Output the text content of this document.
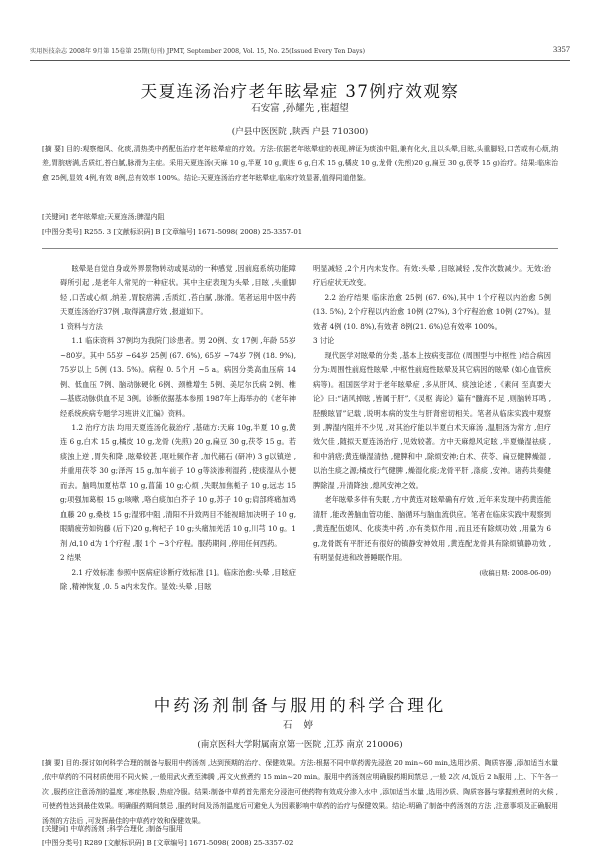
实用医技杂志 2008年 9月第 15卷第 25期(旬刊) JPMT, September 2008, Vol. 15, No. 25(Issued Every Ten Days)	3357
天夏连汤治疗老年眩晕症 37例疗效观察
石安富 ,孙耀先 ,崔超望
(户县中医医院 ,陕西 户县 710300)
[摘 要] 目的:观察熄风、化痰,清热类中药配伍治疗老年眩晕症的疗效。方法:依据老年眩晕症的表现,辨证为痰浊中阻,兼有化火,且以头晕,目眩,头重脚轻,口苦或有心烦,纳差,胃脘痞满,舌质红,苔白腻,脉滑为主症。采用天夏连汤(天麻 10 g,半夏 10 g,黄连 6 g,白术 15 g,橘皮 10 g,龙骨 (先煎)20 g,扁豆 30 g,茯苓 15 g)治疗。结果:临床治愈 25例,显效 4例,有效 8例,总有效率 100%。结论:天夏连汤治疗老年眩晕症,临床疗效显著,值得同道借鉴。
[关键词] 老年眩晕症;天夏连汤;脾湿内阻
[中图分类号] R255. 3 [文献标识码] B [文章编号] 1671-5098( 2008) 25-3357-01

眩晕是自觉自身或外界景物转动或晃动的一种感觉 ,因前庭系统功能障碍所引起 ,是老年人常见的一种症状。其中主症表现为头晕 ,目眩 ,头重脚轻 ,口苦或心烦 ,纳差 ,胃脘痞满 ,舌质红 ,苔白腻 ,脉滑。笔者运用中医中药天夏连汤治疗37例 ,取得满意疗效 ,报道如下。

1 资料与方法

1.1 临床资料 37例均为我院门诊患者。男 20例、女 17例 ,年龄 55岁 ~80岁。其中 55岁 ~64岁 25例 (67. 6%), 65岁 ~74岁 7例 (18. 9%), 75岁以上 5例 (13. 5%)。病程 0. 5个月 ~5 a。病因分类高血压病 14例、低血压 7例、脑动脉硬化 6例、颈椎增生 5例、美尼尔氏病 2例、椎 —基底动脉供血不足 3例。诊断依据基本参照 1987年上海举办的《老年神经系统疾病专题学习班讲义汇编》资料。

1.2 治疗方法 均用天夏连汤化裁治疗 ,基础方:天麻 10g,半夏 10 g,黄连 6 g,白术 15 g,橘皮 10 g,龙骨 (先煎) 20 g,扁豆 30 g,茯苓 15 g。若痰浊上逆 ,胃失和降 ,眩晕较甚 ,呕吐频作者 ,加代赭石 (研冲) 3 g以镇逆 ,并重用茯苓 30 g;泽泻 15 g,加车前子 10 g等淡渗利湿药 ,使痰湿从小便而去。脑鸣加夏枯草 10 g,菖蒲 10 g;心烦 ,失眠加焦栀子 10 g,远志 15 g;项强加葛根 15 g;咳嗽 ,咯白痰加白芥子 10 g,苏子 10 g;肩部疼痛加鸡血藤 20 g,桑枝 15 g;湿邪中阻 ,清阳不升致两目不能视暗加决明子 10 g,眼睛疲劳如钩藤 (后下)20 g,枸杞子 10 g;头痛加羌活 10 g,川芎 10 g。1剂 /d,10 d为 1个疗程 ,服 1个 ~3个疗程。服药期间 ,停用任何西药。

2 结果

2.1 疗效标准 参照中医病症诊断疗效标准 [1]。临床治愈:头晕 ,目眩症除 ,精神恢复 ,0. 5 a内未发作。显效:头晕 ,目眩

明显减轻 ,2个月内未发作。有效:头晕 ,目眩减轻 ,发作次数减少。无效:治疗后症状无改变。

2.2 治疗结果 临床治愈 25例 (67. 6%),其中 1个疗程以内治愈 5例 (13. 5%), 2个疗程以内治愈 10例 (27%), 3个疗程治愈 10例 (27%)。显效者 4例 (10. 8%),有效者 8例(21. 6%)总有效率 100%。

3 讨论

现代医学对眩晕的分类 ,基本上按病变部位 (周围型与中枢性 )结合病因分为:周围性前庭性眩晕 ,中枢性前庭性眩晕及其它病因的眩晕 (如心血管疾病等)。祖国医学对于老年眩晕症 ,多从肝风、痰浊论述 ,《素问 至真要大论》曰:“诸风掉眩 ,皆属于肝”,《灵枢 海论》篇有“髓海不足 ,则脑转耳鸣 ,胫酸眩冒”记载 ,说明本病的发生与肝肾密切相关。笔者从临床实践中观察到 ,脾湿内阻并不少见 ,对其治疗能以半夏白术天麻汤 ,温胆汤为常方 ,但疗效欠佳 ,随拟天夏连汤治疗 ,见效较著。方中天麻熄风定眩 ,半夏燥湿祛痰 ,和中消痞;黄连燥湿清热 ,健脾和中 ,除烦安神;白术、茯苓、扁豆健脾燥湿 ,以治生痰之源;橘皮行气健脾 ,燥湿化痰;龙骨平肝 ,涤痰 ,安神。诸药共奏健脾除湿 ,升清降浊 ,熄风安神之效。

老年眩晕多伴有失眠 ,方中黄连对眩晕确有疗效 ,近年来发现中药黄连能清肝 ,能改善脑血管功能、脑循环与脑血流供应。笔者在临床实践中观察到 ,黄连配伍熄风、化痰类中药 ,亦有类似作用 ,而且还有除烦功效 ,用量为 6 g,龙骨既有平肝还有很好的镇静安神效用 ,黄连配龙骨具有除烦镇静功效 ,有明显促进和改善睡眠作用。

(收稿日期: 2008-06-09)

中药汤剂制备与服用的科学合理化
石 婷
(南京医科大学附属南京第一医院 ,江苏 南京 210006)
[摘 要] 目的:探讨如何科学合理的制备与服用中药汤剂 ,达到预期的治疗、保健效果。方法:根据不同中草药需先浸泡 20 min~60 min,选用沙质、陶质容器 ,添加适当水量 ,依中草药的不同材质使用不同火候 ,一般用武火煮至沸腾 ,再文火煎煮约 15 min~20 min。服用中药汤剂应明确服药期间禁忌 ,一般 2次 /d,饭后 2 h服用 ,上、下午各一次 ,服药应注意汤剂的温度 ,寒症热服 ,热症冷服。结果:制备中草药首先需充分浸泡可使药物有效成分渗入水中 ,添加适当水量 ,选用沙质、陶质容器与掌握煎煮时的火候 ,可使药性达到最佳效果。明确服药期间禁忌 ,服药时间及汤剂温度后可避免人为因素影响中草药的治疗与保健效果。结论:明确了制备中药汤剂的方法 ,注意事项及正确服用汤剂的方法后 ,可发挥最佳的中草药疗效和保健效果。
[关键词] 中草药汤剂 ;科学合理化 ;制备与服用
[中图分类号] R289 [文献标识码] B [文章编号] 1671-5098( 2008) 25-3357-02
